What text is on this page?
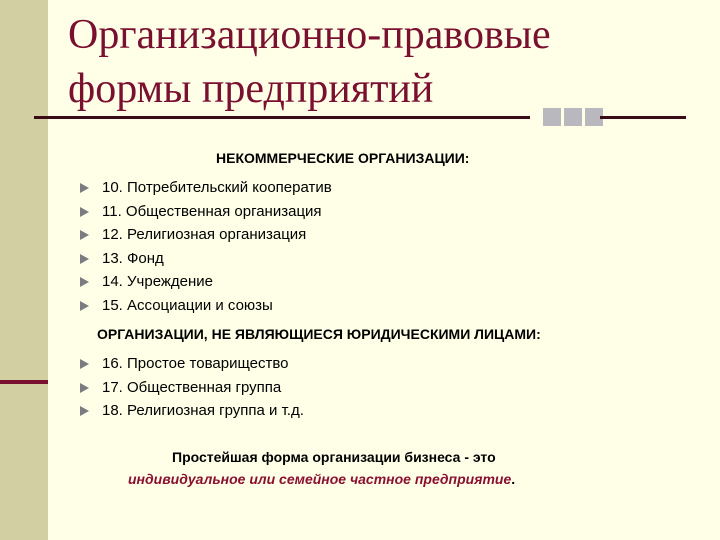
Организационно-правовые
формы предприятий

НЕКОММЕРЧЕСКИЕ ОРГАНИЗАЦИИ:

10. Потребительский кооператив
11. Общественная организация
12. Религиозная организация
13. Фонд
14. Учреждение
15. Ассоциации и союзы

ОРГАНИЗАЦИИ, НЕ ЯВЛЯЮЩИЕСЯ ЮРИДИЧЕСКИМИ ЛИЦАМИ:

16. Простое товарищество
17. Общественная группа
18. Религиозная группа и т.д.
Простейшая форма организации бизнеса - это
индивидуальное или семейное частное предприятие.
